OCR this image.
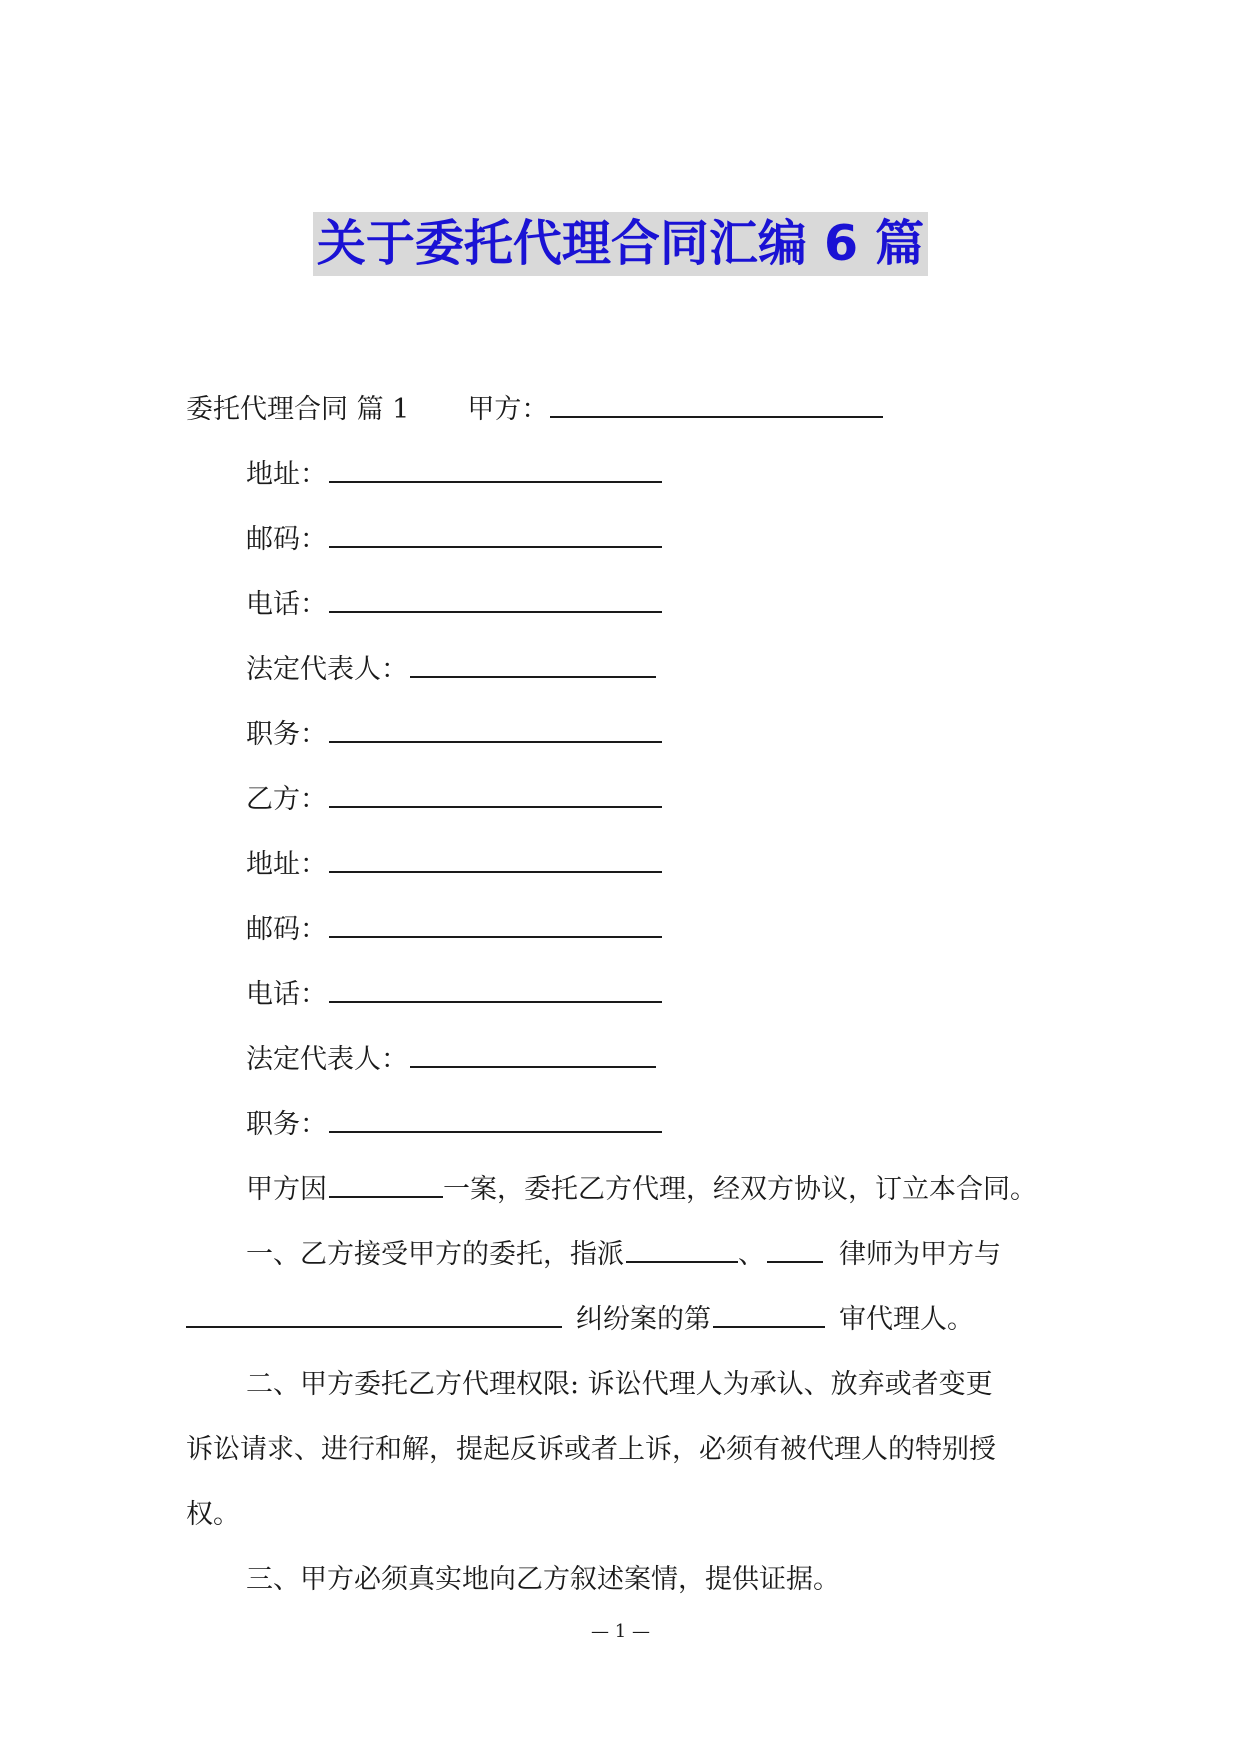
关于委托代理合同汇编 6 篇
委托代理合同 篇 1 甲方：
地址：
邮码：
电话：
法定代表人：
职务：
乙方：
地址：
邮码：
电话：
法定代表人：
职务：
甲方因	一案，委托乙方代理，经双方协议，订立本合同。
一、乙方接受甲方的委托，指派	、	律师为甲方与
纠纷案的第	审代理人。
二、甲方委托乙方代理权限: 诉讼代理人为承认、放弃或者变更
诉讼请求、进行和解，提起反诉或者上诉，必须有被代理人的特别授
权。
三、甲方必须真实地向乙方叙述案情，提供证据。
— 1 —
